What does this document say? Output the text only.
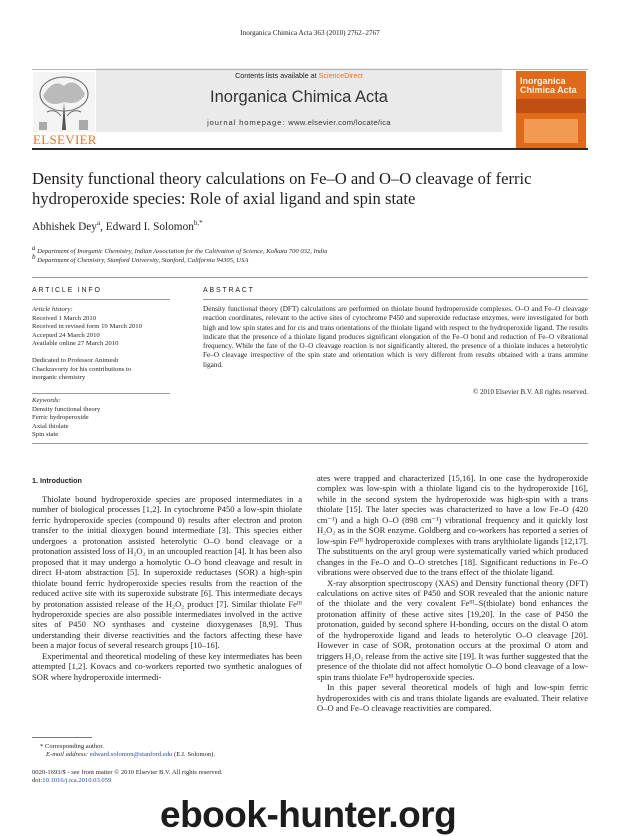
Inorganica Chimica Acta 363 (2010) 2762–2767
ELSEVIER
Contents lists available at ScienceDirect
Inorganica Chimica Acta
journal homepage: www.elsevier.com/locate/ica
Inorganica
Chimica Acta
Density functional theory calculations on Fe–O and O–O cleavage of ferric
hydroperoxide species: Role of axial ligand and spin state
Abhishek Dey$^a$, Edward I. Solomon$^{b,*}$
a Department of Inorganic Chemistry, Indian Association for the Cultivation of Science, Kolkata 700 032, India
b Department of Chemistry, Stanford University, Stanford, California 94305, USA
ARTICLE INFO	ABSTRACT
Article history:
Received 1 March 2010
Received in revised form 19 March 2010
Accepted 24 March 2010
Available online 27 March 2010
Dedicated to Professor Animesh
Chackravorty for his contributions to
inorganic chemistry
Keywords:
Density functional theory
Ferric hydroperoxide
Axial thiolate
Spin state
Density functional theory (DFT) calculations are performed on thiolate bound hydroperoxide complexes. O–O and Fe–O cleavage reaction coordinates, relevant to the active sites of cytochrome P450 and superoxide reductase enzymes, were investigated for both high and low spin states and for cis and trans orientations of the thiolate ligand with respect to the hydroperoxide ligand. The results indicate that the presence of a thiolate ligand produces significant elongation of the Fe–O bond and reduction of Fe–O vibrational frequency. While the fate of the O–O cleavage reaction is not significantly altered, the presence of a thiolate induces a heterolytic Fe–O cleavage irrespective of the spin state and orientation which is very different from results obtained with a trans ammine ligand.
© 2010 Elsevier B.V. All rights reserved.
1. Introduction

Thiolate bound hydroperoxide species are proposed intermediates in a number of biological processes [1,2]. In cytochrome P450 a low-spin thiolate ferric hydroperoxide species (compound 0) results after electron and proton transfer to the initial dioxygen bound intermediate [3]. This species either undergoes a protonation assisted heterolytic O–O bond cleavage or a protonation assisted loss of H₂O₂ in an uncoupled reaction [4]. It has been also proposed that it may undergo a homolytic O–O bond cleavage and result in direct H-atom abstraction [5]. In superoxide reductases (SOR) a high-spin thiolate bound ferric hydroperoxide species results from the reaction of the reduced active site with its superoxide substrate [6]. This intermediate decays by protonation assisted release of the H₂O₂ product [7]. Similar thiolate Feᴵᴵᴵ hydroperoxide species are also possible intermediates involved in the active sites of P450 NO synthases and cysteine dioxygenases [8,9]. Thus understanding their diverse reactivities and the factors affecting these have been a major focus of several research groups [10–16].

Experimental and theoretical modeling of these key intermediates has been attempted [1,2]. Kovacs and co-workers reported two synthetic analogues of SOR where hydroperoxide intermedi-

ates were trapped and characterized [15,16]. In one case the hydroperoxide complex was low-spin with a thiolate ligand cis to the hydroperoxide [16], while in the second system the hydroperoxide was high-spin with a trans thiolate [15]. The later species was characterized to have a low Fe–O (420 cm⁻¹) and a high O–O (898 cm⁻¹) vibrational frequency and it quickly lost H₂O₂ as in the SOR enzyme. Goldberg and co-workers has reported a series of low-spin Feᴵᴵᴵ hydroperoxide complexes with trans arylthiolate ligands [12,17]. The substituents on the aryl group were systematically varied which produced changes in the Fe–O and O–O stretches [18]. Significant reductions in Fe–O vibrations were observed due to the trans effect of the thiolate ligand.

X-ray absorption spectroscopy (XAS) and Density functional theory (DFT) calculations on active sites of P450 and SOR revealed that the anionic nature of the thiolate and the very covalent Feᴵᴵᴵ–S(thiolate) bond enhances the protonation affinity of these active sites [19,20]. In the case of P450 the protonation, guided by second sphere H-bonding, occurs on the distal O atom of the hydroperoxide ligand and leads to heterolytic O–O cleavage [20]. However in case of SOR, protonation occurs at the proximal O atom and triggers H₂O₂ release from the active site [19]. It was further suggested that the presence of the thiolate did not affect homolytic O–O bond cleavage of a low-spin trans thiolate Feᴵᴵᴵ hydroperoxide species.

In this paper several theoretical models of high and low-spin ferric hydroperoxides with cis and trans thiolate ligands are evaluated. Their relative O–O and Fe–O cleavage reactivities are compared.

* Corresponding author.
E-mail address: edward.solomon@stanford.edu (E.I. Solomon).
0020-1693/$ - see front matter © 2010 Elsevier B.V. All rights reserved.
doi:10.1016/j.ica.2010.03.059
ebook-hunter.org
